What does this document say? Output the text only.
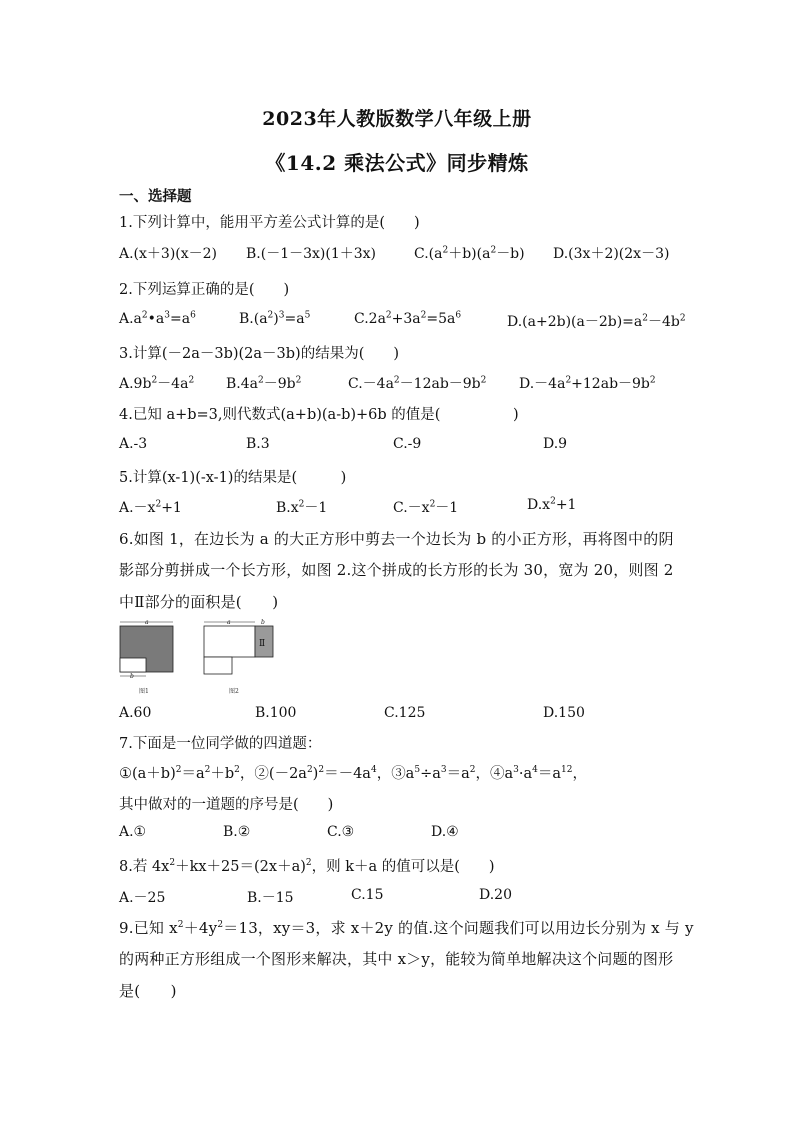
2023年人教版数学八年级上册
《14.2 乘法公式》同步精炼
一、选择题
1.下列计算中，能用平方差公式计算的是(　　)
A.(x＋3)(x－2) B.(－1－3x)(1＋3x)	$C.(a^2+b)(a^2-b)$ D.(3x＋2)(2x－3)
2.下列运算正确的是(　　)
$A.a^2•a^3=a^6$	$B.(a^2)^3=a^5$	$C.2a^2+3a^2=5a^6$	$D.(a+2b)(a-2b)=a^2-4b^2$
3.计算(－2a－3b)(2a－3b)的结果为(　　)
$A.9b^2-4a^2$ $B.4a^2-9b^2$	$C.-4a^2-12ab-9b^2$ $D.-4a^2+12ab-9b^2$
4.已知 a+b=3,则代数式(a+b)(a-b)+6b 的值是(　　　　　)
A.-3	B.3	C.-9	D.9
5.计算(x-1)(-x-1)的结果是(　　　)
$A.-x^2+1$	$B.x^2-1$	$C.-x^2-1$	$D.x^2+1$
6.如图 1，在边长为 a 的大正方形中剪去一个边长为 b 的小正方形，再将图中的阴
影部分剪拼成一个长方形，如图 2.这个拼成的长方形的长为 30，宽为 20，则图 2
中Ⅱ部分的面积是(　　)
a
b
图1
a	b
Ⅱ
图2
A.60	B.100	C.125	D.150
7.下面是一位同学做的四道题：
$①(a+b)^2=a^2+b^2$，$②(-2a^2)^2=-4a^4$，$③a^5\div a^3=a^2$，$④a^3\cdot a^4=a^{12}$，
其中做对的一道题的序号是(　　)
A.①	B.②	C.③	D.④
8.若 $4x^2+kx+25=(2x+a)^2$，则 k＋a 的值可以是(　　)
A.－25	B.－15	C.15	D.20
9.已知 $x^2+4y^2=13$，xy＝3，求 x＋2y 的值.这个问题我们可以用边长分别为 x 与 y
的两种正方形组成一个图形来解决，其中 x＞y，能较为简单地解决这个问题的图形
是(　　)
